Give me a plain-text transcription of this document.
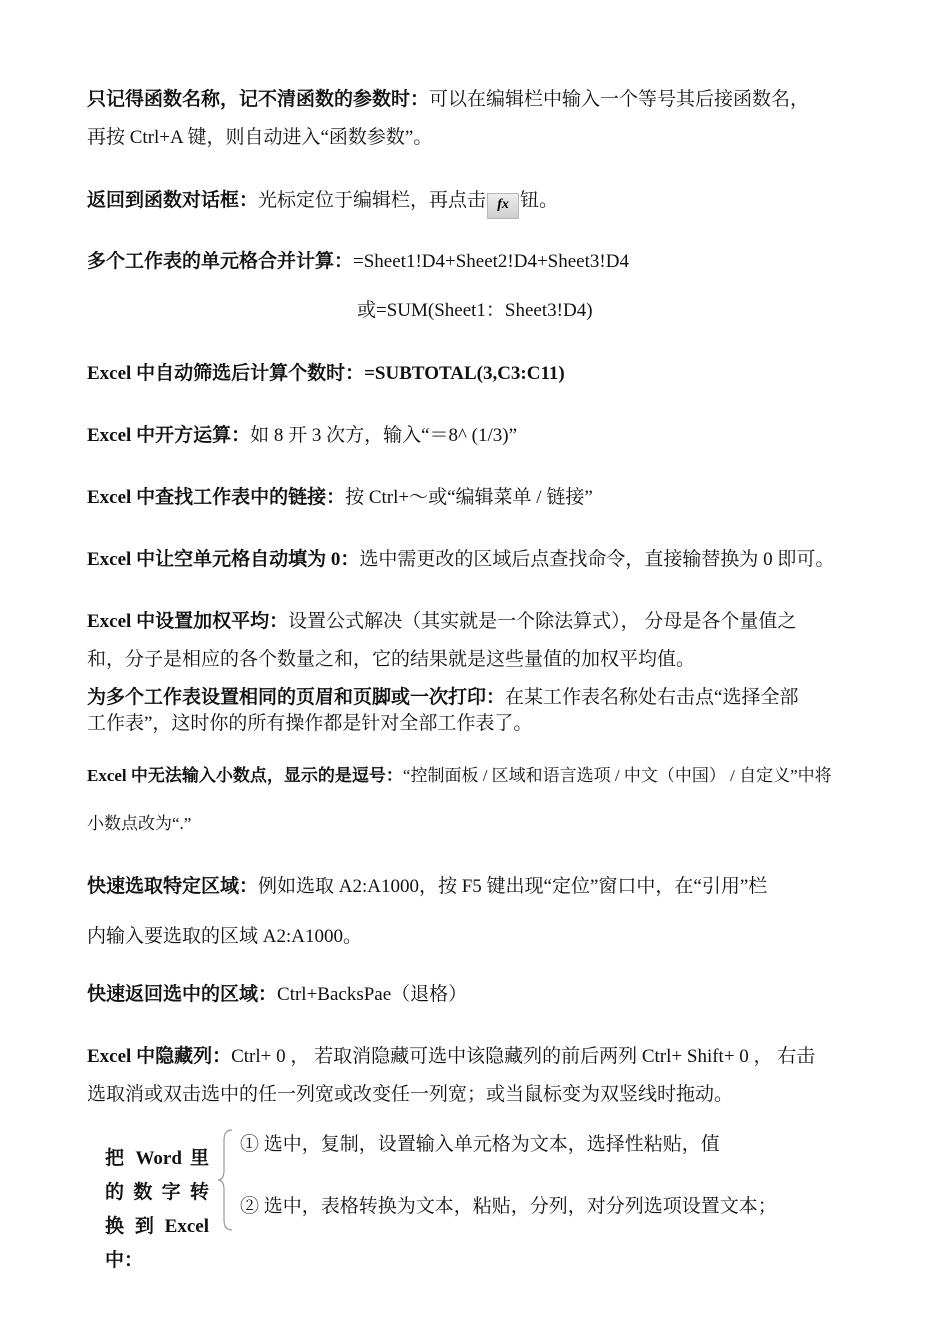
只记得函数名称，记不清函数的参数时：可以在编辑栏中输入一个等号其后接函数名，
再按 Ctrl+A 键，则自动进入“函数参数”。
返回到函数对话框：光标定位于编辑栏，再点击 fx 钮。
多个工作表的单元格合并计算：=Sheet1!D4+Sheet2!D4+Sheet3!D4
或=SUM(Sheet1：Sheet3!D4)
Excel 中自动筛选后计算个数时：=SUBTOTAL(3,C3:C11)
Excel 中开方运算：如 8 开 3 次方，输入“＝8^ (1/3)”
Excel 中查找工作表中的链接：按 Ctrl+～或“编辑菜单 / 链接”
Excel 中让空单元格自动填为 0：选中需更改的区域后点查找命令，直接输替换为 0 即可。
Excel 中设置加权平均：设置公式解决（其实就是一个除法算式）， 分母是各个量值之
和，分子是相应的各个数量之和，它的结果就是这些量值的加权平均值。
为多个工作表设置相同的页眉和页脚或一次打印：在某工作表名称处右击点“选择全部
工作表”，这时你的所有操作都是针对全部工作表了。
Excel 中无法输入小数点，显示的是逗号：“控制面板 / 区域和语言选项 / 中文（中国） / 自定义”中将
小数点改为“.”
快速选取特定区域：例如选取 A2:A1000，按 F5 键出现“定位”窗口中，在“引用”栏
内输入要选取的区域 A2:A1000。
快速返回选中的区域：Ctrl+BacksPae（退格）
Excel 中隐藏列：Ctrl+ 0 ， 若取消隐藏可选中该隐藏列的前后两列 Ctrl+ Shift+ 0 ， 右击
选取消或双击选中的任一列宽或改变任一列宽；或当鼠标变为双竖线时拖动。
把 Word 里
的 数 字 转
换 到 Excel
中：
① 选中，复制，设置输入单元格为文本，选择性粘贴，值
② 选中，表格转换为文本，粘贴，分列，对分列选项设置文本；
